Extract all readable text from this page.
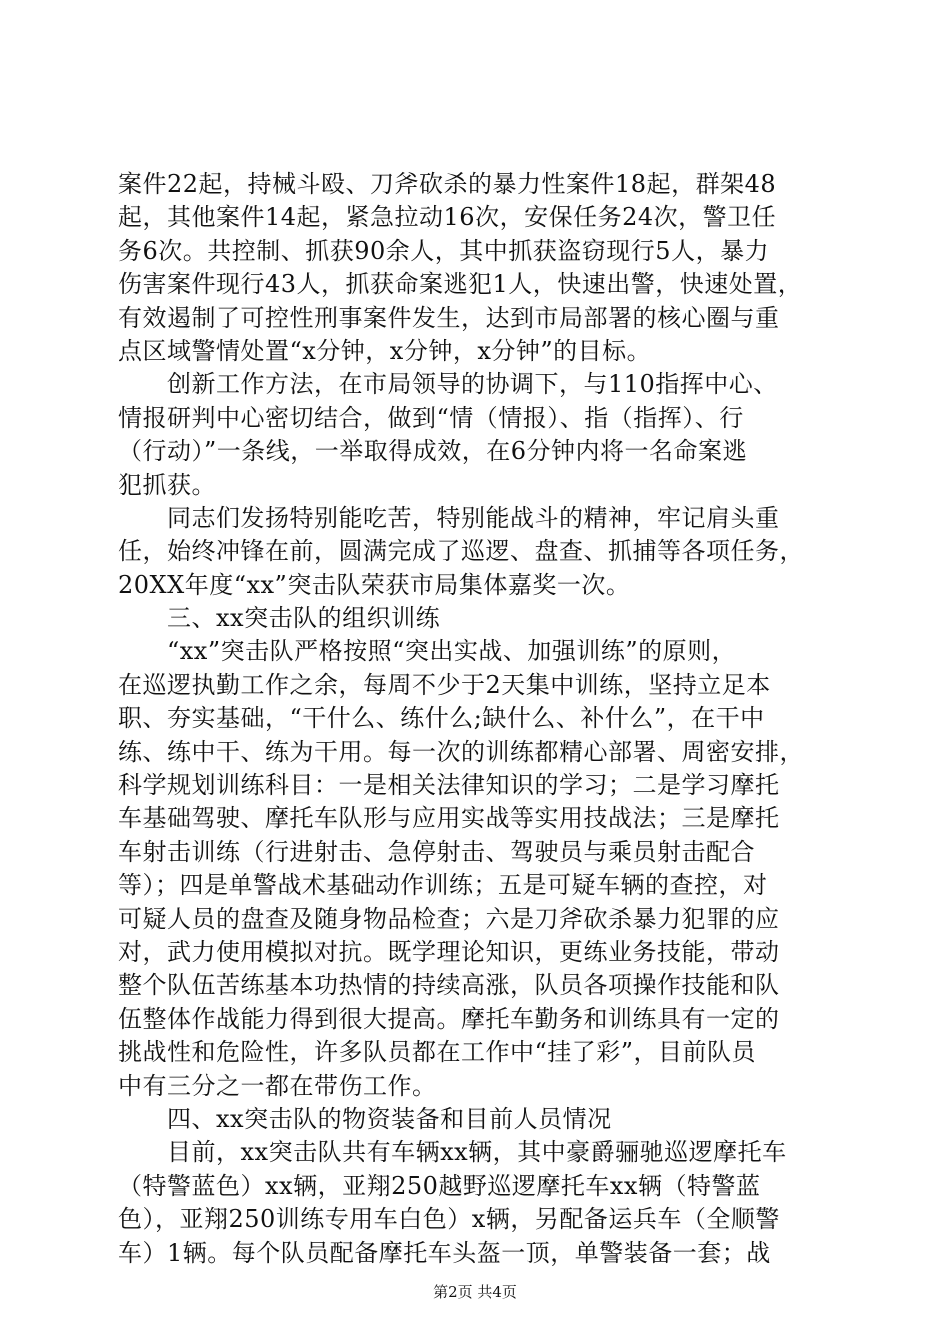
案件22起，持械斗殴、刀斧砍杀的暴力性案件18起，群架48
起，其他案件14起，紧急拉动16次，安保任务24次，警卫任
务6次。共控制、抓获90余人，其中抓获盗窃现行5人，暴力
伤害案件现行43人，抓获命案逃犯1人，快速出警，快速处置，
有效遏制了可控性刑事案件发生，达到市局部署的核心圈与重
点区域警情处置“x分钟，x分钟，x分钟”的目标。
　　创新工作方法，在市局领导的协调下，与110指挥中心、
情报研判中心密切结合，做到“情（情报）、指（指挥）、行
（行动）”一条线，一举取得成效，在6分钟内将一名命案逃
犯抓获。
　　同志们发扬特别能吃苦，特别能战斗的精神，牢记肩头重
任，始终冲锋在前，圆满完成了巡逻、盘查、抓捕等各项任务，
20XX年度“xx”突击队荣获市局集体嘉奖一次。
　　三、xx突击队的组织训练
　　“xx”突击队严格按照“突出实战、加强训练”的原则，
在巡逻执勤工作之余，每周不少于2天集中训练，坚持立足本
职、夯实基础，“干什么、练什么;缺什么、补什么”，在干中
练、练中干、练为干用。每一次的训练都精心部署、周密安排，
科学规划训练科目：一是相关法律知识的学习；二是学习摩托
车基础驾驶、摩托车队形与应用实战等实用技战法；三是摩托
车射击训练（行进射击、急停射击、驾驶员与乘员射击配合
等）；四是单警战术基础动作训练；五是可疑车辆的查控，对
可疑人员的盘查及随身物品检查；六是刀斧砍杀暴力犯罪的应
对，武力使用模拟对抗。既学理论知识，更练业务技能，带动
整个队伍苦练基本功热情的持续高涨，队员各项操作技能和队
伍整体作战能力得到很大提高。摩托车勤务和训练具有一定的
挑战性和危险性，许多队员都在工作中“挂了彩”，目前队员
中有三分之一都在带伤工作。
　　四、xx突击队的物资装备和目前人员情况
　　目前，xx突击队共有车辆xx辆，其中豪爵骊驰巡逻摩托车
（特警蓝色）xx辆，亚翔250越野巡逻摩托车xx辆（特警蓝
色），亚翔250训练专用车白色）x辆，另配备运兵车（全顺警
车）1辆。每个队员配备摩托车头盔一顶，单警装备一套；战
第2页 共4页
